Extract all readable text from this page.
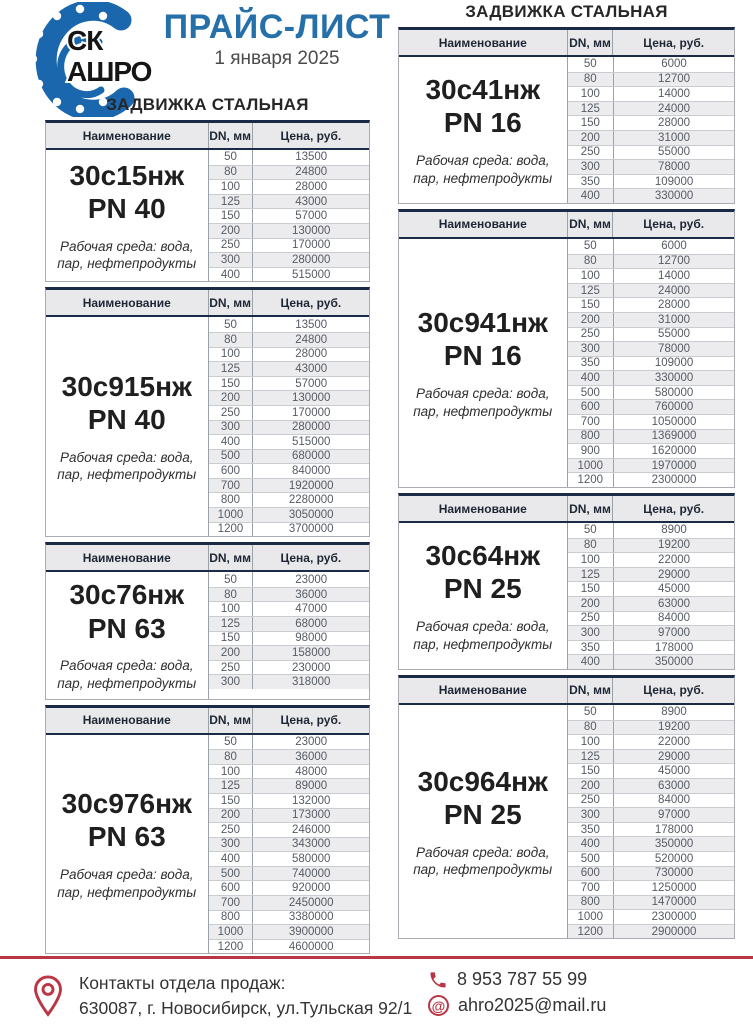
СК
АШРО
ПРАЙС-ЛИСТ
1 января 2025
ЗАДВИЖКА СТАЛЬНАЯ
Наименование	DN, мм	Цена, руб.
30с15нж
PN 40
Рабочая среда: вода, пар, нефтепродукты
50	13500
80	24800
100	28000
125	43000
150	57000
200	130000
250	170000
300	280000
400	515000
Наименование	DN, мм	Цена, руб.
30с915нж
PN 40
Рабочая среда: вода, пар, нефтепродукты
50	13500
80	24800
100	28000
125	43000
150	57000
200	130000
250	170000
300	280000
400	515000
500	680000
600	840000
700	1920000
800	2280000
1000	3050000
1200	3700000
Наименование	DN, мм	Цена, руб.
30с76нж
PN 63
Рабочая среда: вода, пар, нефтепродукты
50	23000
80	36000
100	47000
125	68000
150	98000
200	158000
250	230000
300	318000
Наименование	DN, мм	Цена, руб.
30с976нж
PN 63
Рабочая среда: вода, пар, нефтепродукты
50	23000
80	36000
100	48000
125	89000
150	132000
200	173000
250	246000
300	343000
400	580000
500	740000
600	920000
700	2450000
800	3380000
1000	3900000
1200	4600000
ЗАДВИЖКА СТАЛЬНАЯ
Наименование	DN, мм	Цена, руб.
30с41нж
PN 16
Рабочая среда: вода, пар, нефтепродукты
50	6000
80	12700
100	14000
125	24000
150	28000
200	31000
250	55000
300	78000
350	109000
400	330000
Наименование	DN, мм	Цена, руб.
30с941нж
PN 16
Рабочая среда: вода, пар, нефтепродукты
50	6000
80	12700
100	14000
125	24000
150	28000
200	31000
250	55000
300	78000
350	109000
400	330000
500	580000
600	760000
700	1050000
800	1369000
900	1620000
1000	1970000
1200	2300000
Наименование	DN, мм	Цена, руб.
30с64нж
PN 25
Рабочая среда: вода, пар, нефтепродукты
50	8900
80	19200
100	22000
125	29000
150	45000
200	63000
250	84000
300	97000
350	178000
400	350000
Наименование	DN, мм	Цена, руб.
30с964нж
PN 25
Рабочая среда: вода, пар, нефтепродукты
50	8900
80	19200
100	22000
125	29000
150	45000
200	63000
250	84000
300	97000
350	178000
400	350000
500	520000
600	730000
700	1250000
800	1470000
1000	2300000
1200	2900000
Контакты отдела продаж:
630087, г. Новосибирск, ул.Тульская 92/1
8 953 787 55 99
@ ahro2025@mail.ru
